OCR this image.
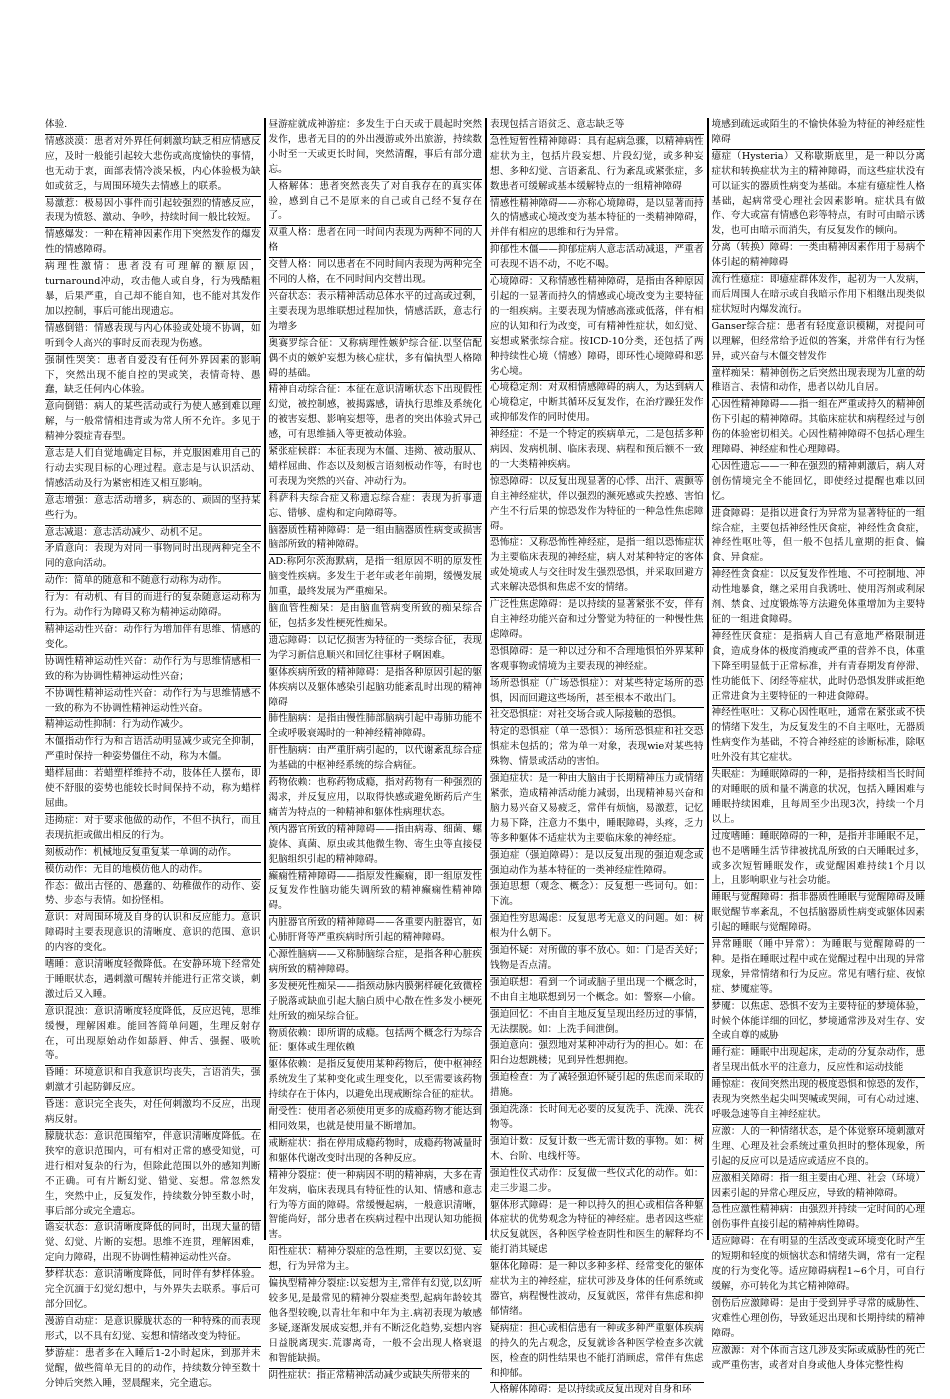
体验.

情感淡漠：患者对外界任何刺激均缺乏相应情感反应，及时一般能引起较大悲伤或高度愉快的事情，也无动于衷，面部表情冷淡呆板，内心体验极为缺如或贫乏，与周围环境失去情感上的联系。

易激惹：极易因小事件而引起较强烈的情感反应，表现为愤怒、激动、争吵，持续时间一般比较短。

情感爆发：一种在精神因素作用下突然发作的爆发性的情感障碍。

病理性激情：患者没有可理解的额原因，turnaround冲动，攻击他人或自身，行为残酷粗暴，后果严重，自己却不能自知，也不能对其发作加以控制，事后可能出现遗忘。

情感倒错：情感表现与内心体验或处境不协调，如听到令人高兴的事时反而表现为伤感。

强制性哭笑：患者自爱没有任何外界因素的影响下，突然出现不能自控的哭或笑，表情奇特、愚蠢，缺乏任何内心体验。

意向倒错：病人的某些活动或行为使人感到难以理解，与一般常情相违背或为常人所不允许。多见于精神分裂症青春型。

意志是人们自觉地确定目标，并克服困难用自己的行动去实现目标的心理过程。意志是与认识活动、情感活动及行为紧密相连又相互影响。

意志增强：意志活动增多，病态的、顽固的坚持某些行为。

意志减退：意志活动减少、动机不足。

矛盾意向：表现为对同一事物同时出现两种完全不同的意向活动。

动作：简单的随意和不随意行动称为动作。

行为：有动机、有目的而进行的复杂随意运动称为行为。动作行为障碍又称为精神运动障碍。

精神运动性兴奋：动作行为增加伴有思维、情感的变化。

协调性精神运动性兴奋：动作行为与思维情感相一致的称为协调性精神运动性兴奋；

不协调性精神运动性兴奋：动作行为与思维情感不一致的称为不协调性精神运动性兴奋。

精神运动性抑制：行为动作减少。

木僵指动作行为和言语活动明显减少或完全抑制，严重时保持一种姿势僵住不动，称为木僵。

蜡样屈曲：若蜡塑样维持不动，肢体任人摆布，即使不舒服的姿势也能较长时间保持不动，称为蜡样屈曲。

违拗症：对于要求他做的动作，不但不执行，而且表现抗拒或做出相反的行为。

刻板动作：机械地反复重复某一单调的动作。

模仿动作：无目的地模仿他人的动作。

作态：做出古怪的、愚蠢的、幼稚做作的动作、姿势、步态与表情。如扮怪相。

意识：对周围环境及自身的认识和反应能力。意识障碍时主要表现意识的清晰度、意识的范围、意识的内容的变化。

嗜睡：意识清晰度轻微降低。在安静环境下经常处于睡眠状态，遇刺激可醒转并能进行正常交谈，刺激过后又入睡。

意识混浊：意识清晰度轻度降低，反应迟钝，思维缓慢，理解困难。能回答简单问题，生理反射存在，可出现原始动作如舔唇、伸舌、强握、吸吮等。

昏睡：环境意识和自我意识均丧失，言语消失，强刺激才引起防御反应。

昏迷：意识完全丧失，对任何刺激均不反应，出现病反射。

朦胧状态：意识范围缩窄，伴意识清晰度降低。在狭窄的意识范围内，可有相对正常的感受知觉，可进行相对复杂的行为，但除此范围以外的感知判断不正确。可有片断幻觉、错觉、妄想。常忽然发生，突然中止，反复发作，持续数分钟至数小时，事后部分或完全遗忘。

谵妄状态：意识清晰度降低的同时，出现大量的错觉、幻觉、片断的妄想。思维不连贯，理解困难，定向力障碍，出现不协调性精神运动性兴奋。

梦样状态：意识清晰度降低，同时伴有梦样体验。完全沉湎于幻觉幻想中，与外界失去联系。事后可部分回忆。

漫游自动症：是意识朦胧状态的一种特殊的而表现形式，以不具有幻觉、妄想和情绪改变为特征。

梦游症：患者多在入睡后1-2小时起床，到那并未觉醒，做些简单无目的的动作，持续数分钟至数十分钟后突然入睡，翌晨醒来，完全遗忘。

昼游症就成神游症：多发生于白天或于晨起时突然发作，患者无目的的外出漫游或外出旅游，持续数小时至一天或更长时间，突然清醒，事后有部分遗忘。

人格解体：患者突然丧失了对自我存在的真实体验，感到自己不是原来的自己或自己经不复存在了。

双重人格：患者在同一时间内表现为两种不同的人格

交替人格：同以患者在不同时间内表现为两种完全不同的人格，在不同时间内交替出现。

兴奋状态：表示精神活动总体水平的过高或过剩，主要表现为思维联想过程加快，情感活跃，意志行为增多

奥赛罗综合征：又称病理性嫉妒综合征.以坚信配偶不贞的嫉妒妄想为核心症状，多有偏执型人格障碍的基础。

精神自动综合征：本征在意识清晰状态下出现假性幻觉，被控制感，被揭露感，请执行思维及系统化的被害妄想、影响妄想等，患者的突出体验式异己感，可有思维插入等更被动体验。

紧张症候群：本征表现为木僵、违拗、被动服从、蜡样屈曲、作态以及刻板言语刻板动作等，有时也可表现为突然的兴奋、冲动行为。

科萨科夫综合症又称遗忘综合症：表现为折事遗忘、错够、虚构和定向障碍等。

脑器质性精神障碍：是一组由脑器质性病变或损害脑部所致的精神障碍。

AD:称阿尔茨海默病，是指一组原因不明的原发性脑变性疾病。多发生于老年或老年前期，缓慢发展加重，最终发展为严重痴呆。

脑血管性痴呆：是由脑血管病变所致的痴呆综合征，包括多发性梗死性痴呆。

遗忘障碍：以记忆损害为特征的一类综合征，表现为学习新信息顺兴和回忆往事材子啊困难。

躯体疾病所致的精神障碍：是指各种原因引起的躯体疾病以及躯体感染引起脑功能紊乱时出现的精神障碍

肺性脑病：是指由慢性肺部脑病引起中毒肺功能不全或呼吸衰竭时的一种神经精神障碍。

肝性脑病：由严重肝病引起的，以代谢紊乱综合症为基础的中枢神经系统的综合病征。

药物依赖：也称药物成瘾，指对药物有一种强烈的渴求，并反复应用，以取得快感或避免断药后产生痛苦为特点的一种精神和躯体性病理状态。

颅内器官所致的精神障碍——指由病毒、细菌、螺旋体、真菌、原虫或其他微生物、寄生虫等直接侵犯脑组织引起的精神障碍。

癫痫性精神障碍——指原发性癫痫，即一组原发性反复发作性脑功能失调所致的精神癫痫性精神障碍。

内脏器官所致的精神障碍——各重要内脏器官，如心肺肝肾等严重疾病时所引起的精神障碍。

心源性脑病——又称肺脑综合症，是指各种心脏疾病所致的精神障碍。

多发梗死性痴呆——指颈动脉内膜粥样硬化致微栓子脱落或缺血引起大脑白质中心散在性多发小梗死灶所致的痴呆综合征。

物质依赖：即所谓的成瘾。包括两个概念行为综合征：躯体或生理依赖

躯体依赖：是指反复使用某种药物后，使中枢神经系统发生了某种变化或生理变化，以至需要该药物持续存在于体内，以避免出现戒断综合征的症状。

耐受性：使用者必须使用更多的成瘾药物才能达到相同效果，也就是使用量不断增加。

戒断症状：指在停用成瘾药物时，成瘾药物减量时和躯体代谢改变时出现的各种反应。

精神分裂症：使一种病因不明的精神病，大多在青年发病，临床表现具有特征性的认知、情感和意志行为等方面的障碍。常缓慢起病，一般意识清晰，智能尚好，部分患者在疾病过程中出现认知功能损害。

阳性症状：精神分裂症的急性期，主要以幻觉、妄想，行为异常为主。

偏执型精神分裂症:以妄想为主,常伴有幻觉,以幻听较多见,是最常见的精神分裂症类型,起病年龄较其他各型较晚,以青壮年和中年为主.病初表现为敏感多疑,逐渐发展成妄想,并有不断泛化趋势,妄想内容日益脱离现实.荒谬离奇，一般不会出现人格衰退和智能缺损。

阴性症状：指正常精神活动减少或缺失所带来的

表现包括言语贫乏、意志缺乏等

急性短暂性精神障碍：具有起病急骤，以精神病性症状为主，包括片段妄想、片段幻觉，或多种妄想、多种幻觉、言语紊乱、行为紊乱或紧张症，多数患者可缓解或基本缓解特点的一组精神障碍

情感性精神障碍——亦称心境障碍，是以显著而持久的情感或心境改变为基本特征的一类精神障碍，并伴有相应的思维和行为异常。

抑郁性木僵——抑郁症病人意志活动减退，严重者可表现不语不动，不吃不喝。

心境障碍：又称情感性精神障碍，是指由各种原因引起的一显著而持久的情感或心境改变为主要特征的一组疾病。主要表现为情感高涨或低落，伴有相应的认知和行为改变，可有精神性症状，如幻觉、妄想或紧张综合症。按ICD-10分类，还包括了两种持续性心境（情感）障碍，即环性心境障碍和恶劣心境。

心境稳定剂：对双相情感障碍的病人，为达到病人心境稳定，中断其循环反复发作，在治疗躁狂发作或抑郁发作的同时使用。

神经症：不是一个特定的疾病单元，二是包括多种病因、发病机制、临床表现、病程和预后额不一致的一大类精神疾病。

惊恐障碍：以反复出现显著的心悸、出汗、震颤等自主神经症状，伴以强烈的濒死感或失控感、害怕产生不行后果的惊恐发作为特征的一种急性焦虑障碍。

恐怖症：又称恐怖性神经症，是指一组以恐怖症状为主要临床表现的神经症，病人对某种特定的客体或处境或人与交往时发生强烈恐惧，并采取回避方式来解决恐惧和焦虑不安的情绪。

广泛性焦虑障碍：是以持续的显著紧张不安，伴有自主神经功能兴奋和过分警觉为特征的一种慢性焦虑障碍。

恐惧障碍：是一种以过分和不合理地惧怕外界某种客观事物或情境为主要表现的神经症。

场所恐惧症（广场恐惧症）：对某些特定场所的恐惧，因而回避这些场所，甚至根本不敢出门。

社交恐惧症：对社交场合或人际接触的恐惧。

特定的恐惧症（单一恐惧）：场所恐惧症和社交恐惧症未包括的；常为单一对象，表现wie对某些特殊物、情景或活动的害怕。

强迫症状：是一种由大脑由于长期精神压力或情绪紧张，造成精神活动能力减弱，出现精神易兴奋和脑力易兴奋又易疲乏，常伴有烦恼，易激惹，记忆力易下降，注意力不集中，睡眠障碍，头疼，乏力等多种躯体不适症状为主要临床象的神经症。

强迫症（强迫障碍）：是以反复出现的强迫观念或强迫动作为基本特征的一类神经症性障碍。

强迫思想（观念、概念）：反复想一些词句。如：下流。

强迫性穷思竭虑：反复思考无意义的问题。如：树根为什么朝下。

强迫怀疑：对所做的事不放心。如：门是否关好；钱物是否点清。

强迫联想：看到一个词或脑子里出现一个概念时，不由自主地联想到另一个概念。如：警察—小偷。

强迫回忆：不由自主地反复呈现出经历过的事情，无法摆脱。如：上洗手间泄倒。

强迫意向：强烈地对某种冲动行为的担心。如：在阳台边想跳楼；见到异性想拥抱。

强迫检查：为了减轻强迫怀疑引起的焦虑而采取的措施。

强迫洗涤：长时间无必要的反复洗手、洗澡、洗衣物等。

强迫计数：反复计数一些无需计数的事物。如：树木、台阶、电线杆等。

强迫性仪式动作：反复做一些仪式化的动作。如：走三步退二步。

躯体形式障碍：是一种以持久的担心或相信各种躯体症状的优势观念为特征的神经症。患者因这些症状反复就医，各种医学检查阴性和医生的解释均不能打消其疑虑

躯体化障碍：是一种以多种多样、经常变化的躯体症状为主的神经症，症状可涉及身体的任何系统或器官，病程慢性波动，反复就医，常伴有焦虑和抑郁情绪。

疑病症：担心或相信患有一种或多种严重躯体疾病的持久的先占观念，反复就诊各种医学检查多次就医，检查的阴性结果也不能打消顾虑，常伴有焦虑和抑郁。

人格解体障碍：是以持续或反复出现对自身和环

境感到疏远或陌生的不愉快体验为特征的神经症性障碍

癔症（Hysteria）又称歇斯底里，是一种以分离症状和转换症状为主的精神障碍，而这些症状没有可以证实的器质性病变为基础。本症有癔症性人格基础，起病常受心理社会因素影响。症状具有做作、夸大或富有情感色彩等特点，有时可由暗示诱发，也可由暗示而消失，有反复发作的倾向。

分离（转换）障碍：一类由精神因素作用于易病个体引起的精神障碍

流行性癔症：即癔症群体发作，起初为一人发病，而后周围人在暗示或自我暗示作用下相继出现类似症状短时内爆发流行。

Ganser综合症：患者有轻度意识模糊，对提问可以理解，但经常给予近似的答案，并常伴有行为怪异，或兴奋与木僵交替发作

童样痴呆：精神创伤之后突然出现表现为儿童的幼稚语言、表情和动作，患者以幼儿自居。

心因性精神障碍——指一组在严重或持久的精神创伤下引起的精神障碍。其临床症状和病程经过与创伤的体验密切相关。心因性精神障碍不包括心理生理障碍、神经症和性心理障碍。

心因性遗忘——一种在强烈的精神刺激后，病人对创伤情境完全不能回忆，即使经过提醒也难以回忆。

进食障碍：是指以进食行为异常为显著特征的一组综合症，主要包括神经性厌食症，神经性贪食症，神经性呕吐等，但一般不包括儿童期的拒食、偏食、异食症。

神经性贪食症：以反复发作性地、不可控制地、冲动性地暴食，继之采用自我诱吐、使用泻剂或利尿剂、禁食、过度锻炼等方法避免体重增加为主要特征的一组进食障碍。

神经性厌食症：是指病人自己有意地严格限制进食，造成身体的极度消瘦或严重的营养不良，体重下降至明显低于正常标准，并有青春期发育停滞、性功能低下、闭经等症状，此时仍恐惧发胖或拒绝正常进食为主要特征的一种进食障碍。

神经性呕吐：又称心因性呕吐，通常在紧张或不快的情绪下发生，为反复发生的不自主呕吐，无器质性病变作为基础，不符合神经症的诊断标准，除呕吐外没有其它症状。

失眠症：为睡眠障碍的一种，是指持续相当长时间的对睡眠的质和量不满意的状况，包括入睡困难与睡眠持续困难，且每周至少出现3次，持续一个月以上。

过度嗜睡：睡眠障碍的一种，是指并非睡眠不足，也不是嗜睡生活节律被扰乱所致的白天睡眠过多，或多次短暂睡眠发作，或觉醒困难持续1个月以上，且影响职业与社会功能。

睡眠与觉醒障碍：指非器质性睡眠与觉醒障碍及睡眠觉醒节率紊乱，不包括脑器质性病变或躯体因素引起的睡眠与觉醒障碍。

异常睡眠（睡中异常）：为睡眠与觉醒障碍的一种。是指在睡眠过程中或在觉醒过程中出现的异常现象，异常情绪和行为反应。常见有嗜行症、夜惊症、梦魇症等。

梦魇：以焦虑、恐惧不安为主要特征的梦境体验，时候个体能详细的回忆，梦境通常涉及对生存、安全或自尊的威胁

睡行症：睡眠中出现起床，走动的分复杂动作，患者呈现出低水平的注意力，反应性和运动技能

睡惊症：夜间突然出现的极度恐惧和惊恐的发作，表现为突然坐起尖叫哭喊或哭闹，可有心动过速、呼吸急速等自主神经症状。

应激：人的一种情绪状态，是个体觉察环境刺激对生理、心理及社会系统过重负担时的整体现象，所引起的反应可以是适应或适应不良的。

应激相关障碍：指一组主要由心理、社会（环境）因素引起的异常心理反应，导致的精神障碍。

急性应激性精神病：由强烈并持续一定时间的心理创伤事件直接引起的精神病性障碍。

适应障碍：在有明显的生活改变或环境变化时产生的短期和轻度的烦恼状态和情绪失调，常有一定程度的行为变化等。适应障碍病程1~6个月，可自行缓解，亦可转化为其它精神障碍。

创伤后应激障碍：是由于受到异乎寻常的威胁性、灾难性心理创伤，导致延迟出现和长期持续的精神障碍。

应激源：对个体而言这几涉及实际或威胁性的死亡或严重伤害，或者对自身或他人身体完整性构
